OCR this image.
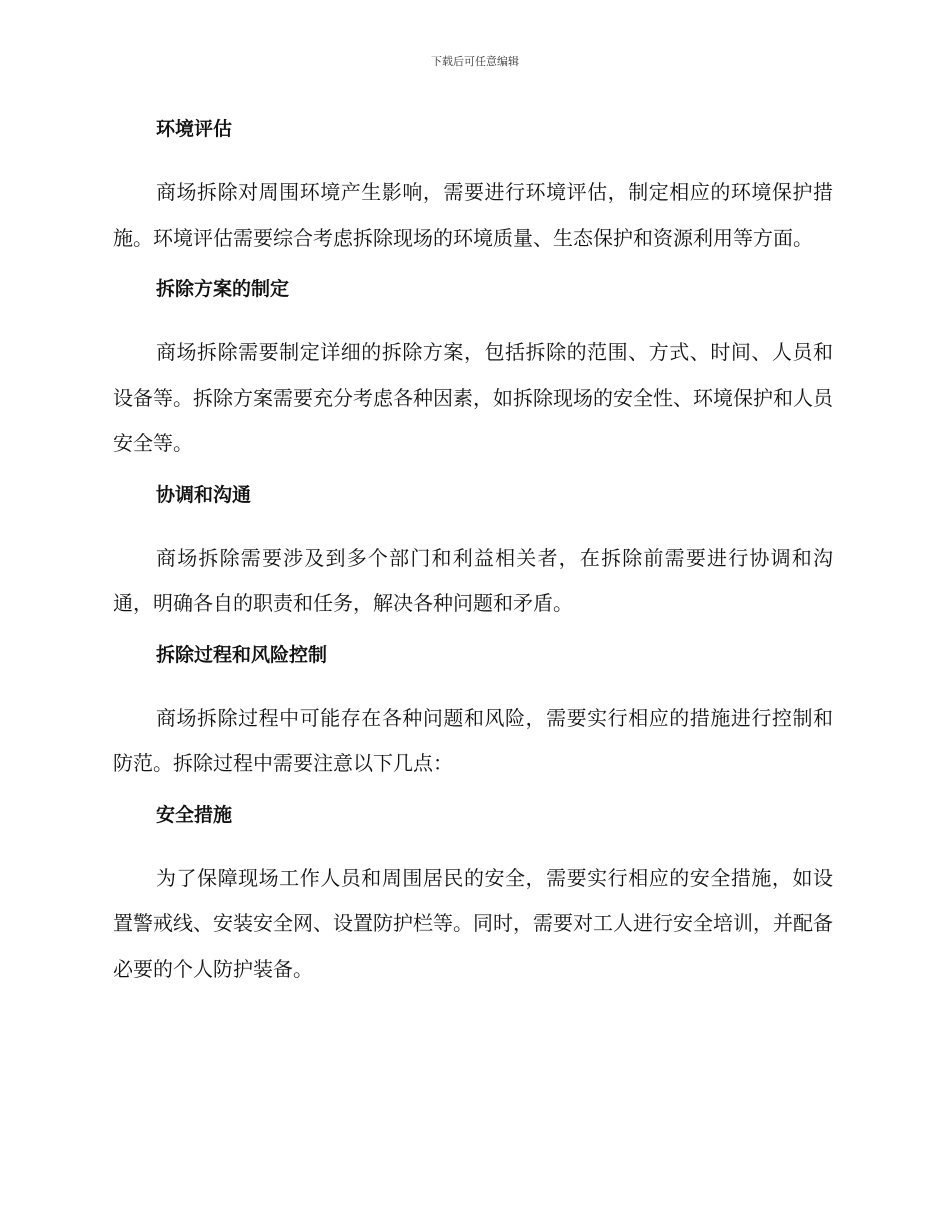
下载后可任意编辑
环境评估

商场拆除对周围环境产生影响，需要进行环境评估，制定相应的环境保护措施。环境评估需要综合考虑拆除现场的环境质量、生态保护和资源利用等方面。

拆除方案的制定

商场拆除需要制定详细的拆除方案，包括拆除的范围、方式、时间、人员和设备等。拆除方案需要充分考虑各种因素，如拆除现场的安全性、环境保护和人员安全等。

协调和沟通

商场拆除需要涉及到多个部门和利益相关者，在拆除前需要进行协调和沟通，明确各自的职责和任务，解决各种问题和矛盾。

拆除过程和风险控制

商场拆除过程中可能存在各种问题和风险，需要实行相应的措施进行控制和防范。拆除过程中需要注意以下几点：

安全措施

为了保障现场工作人员和周围居民的安全，需要实行相应的安全措施，如设置警戒线、安装安全网、设置防护栏等。同时，需要对工人进行安全培训，并配备必要的个人防护装备。
